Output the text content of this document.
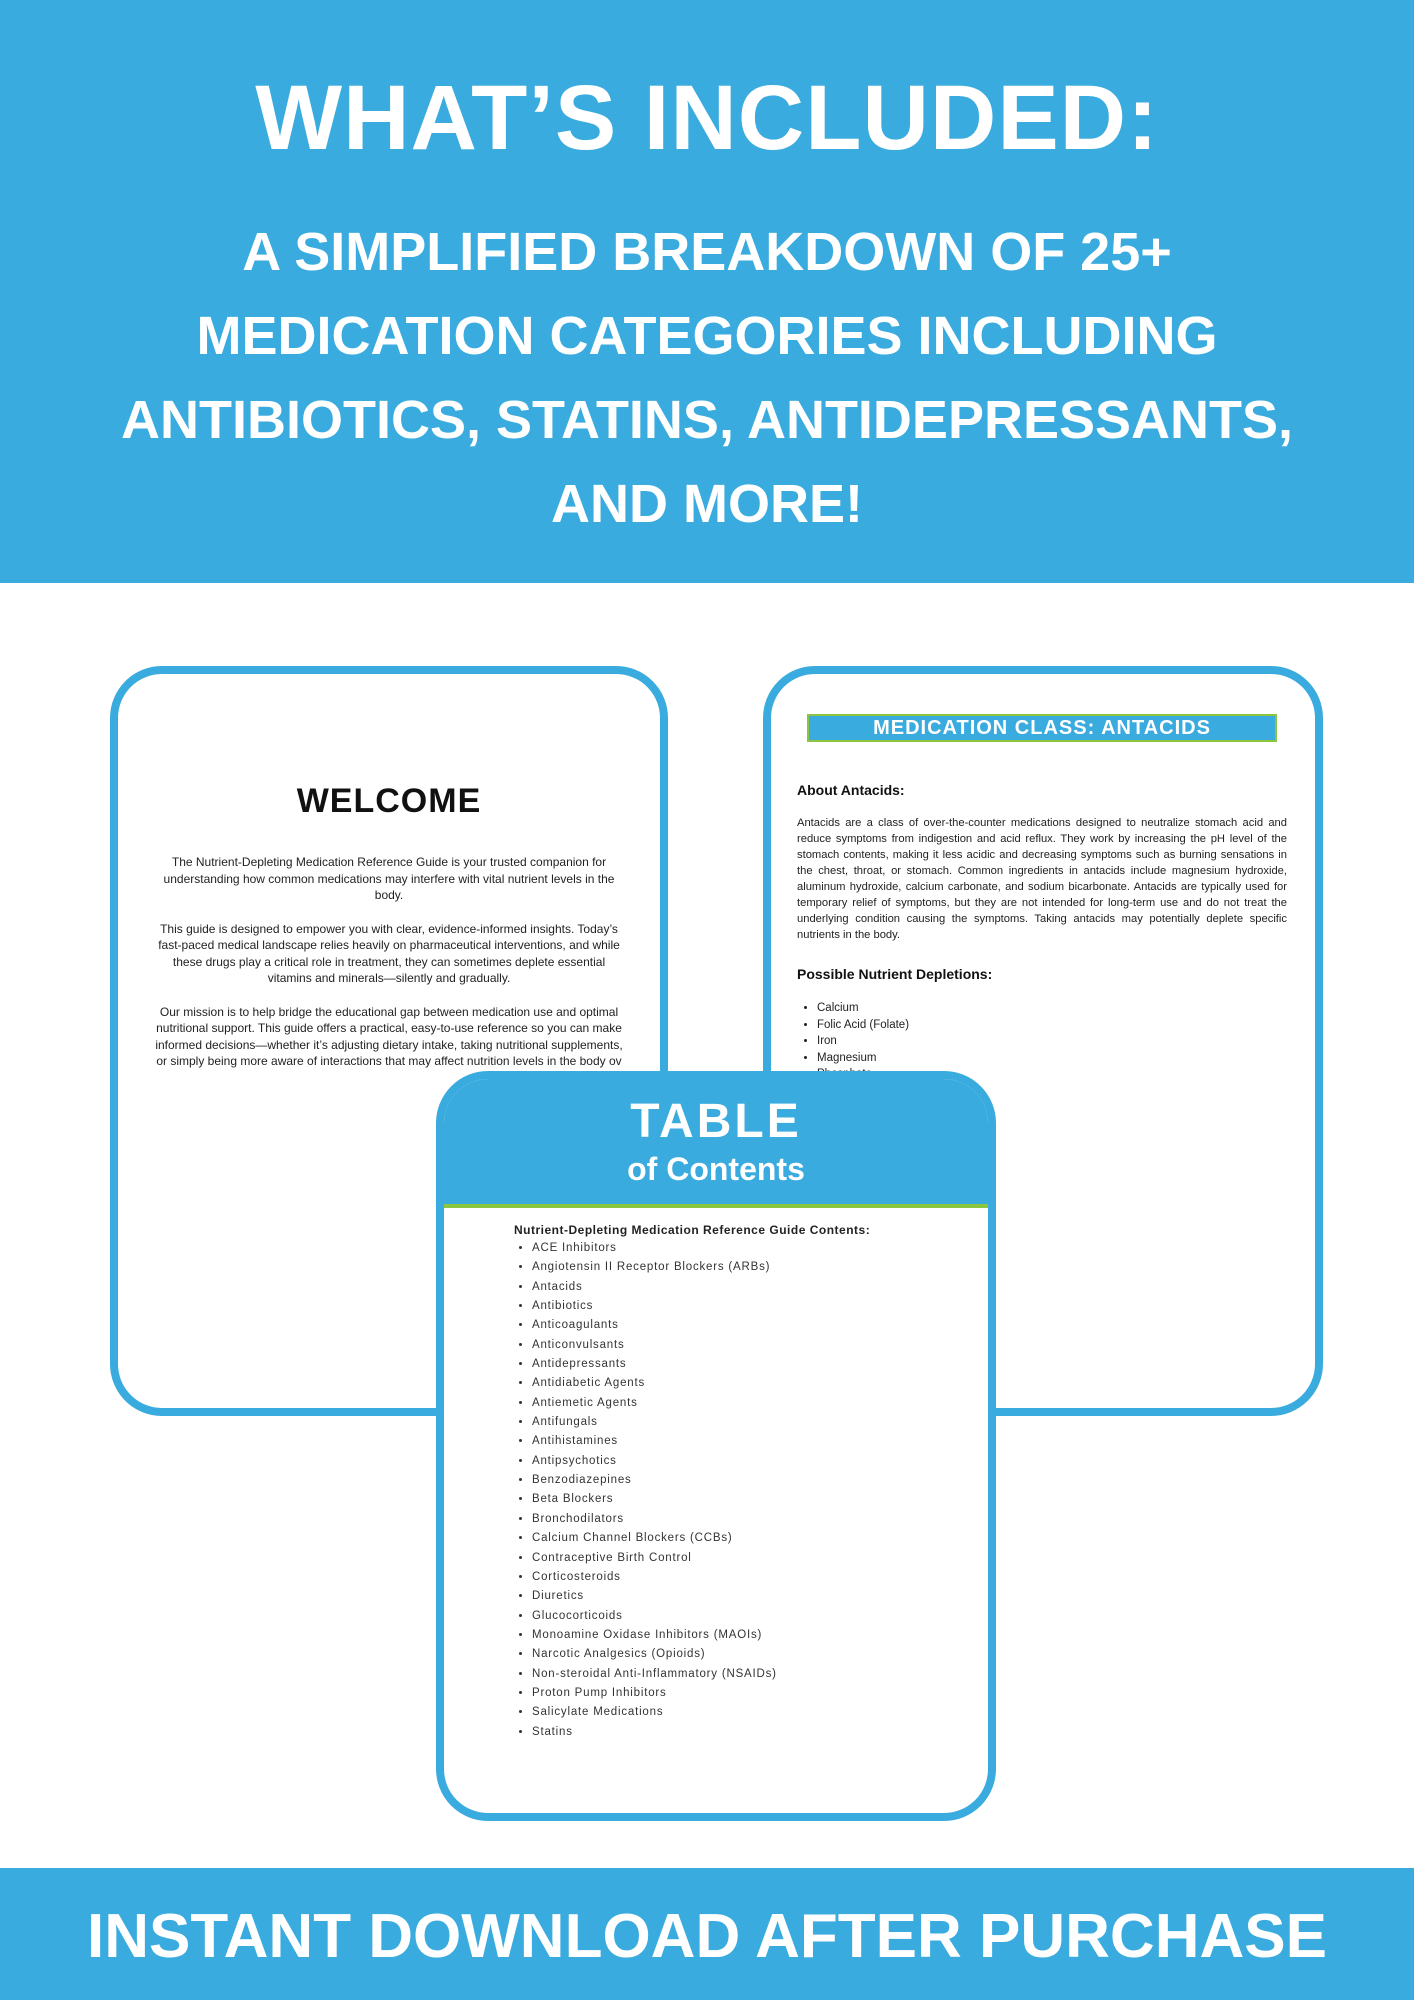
WHAT’S INCLUDED:
A SIMPLIFIED BREAKDOWN OF 25+
MEDICATION CATEGORIES INCLUDING
ANTIBIOTICS, STATINS, ANTIDEPRESSANTS,
AND MORE!
WELCOME

The Nutrient-Depleting Medication Reference Guide is your trusted companion for understanding how common medications may interfere with vital nutrient levels in the body.

This guide is designed to empower you with clear, evidence-informed insights. Today’s fast-paced medical landscape relies heavily on pharmaceutical interventions, and while these drugs play a critical role in treatment, they can sometimes deplete essential vitamins and minerals—silently and gradually.

Our mission is to help bridge the educational gap between medication use and optimal nutritional support. This guide offers a practical, easy-to-use reference so you can make informed decisions—whether it’s adjusting dietary intake, taking nutritional supplements, or simply being more aware of interactions that may affect nutrition levels in the body ov

MEDICATION CLASS: ANTACIDS
About Antacids:
Antacids are a class of over-the-counter medications designed to neutralize stomach acid and reduce symptoms from indigestion and acid reflux. They work by increasing the pH level of the stomach contents, making it less acidic and decreasing symptoms such as burning sensations in the chest, throat, or stomach. Common ingredients in antacids include magnesium hydroxide, aluminum hydroxide, calcium carbonate, and sodium bicarbonate. Antacids are typically used for temporary relief of symptoms, but they are not intended for long-term use and do not treat the underlying condition causing the symptoms. Taking antacids may potentially deplete specific nutrients in the body.
Possible Nutrient Depletions:
• Calcium
• Folic Acid (Folate)
• Iron
• Magnesium
•
TABLE
of Contents
Nutrient-Depleting Medication Reference Guide Contents:
• ACE Inhibitors
• Angiotensin II Receptor Blockers (ARBs)
• Antacids
• Antibiotics
• Anticoagulants
• Anticonvulsants
• Antidepressants
• Antidiabetic Agents
• Antiemetic Agents
• Antifungals
• Antihistamines
• Antipsychotics
• Benzodiazepines
• Beta Blockers
• Bronchodilators
• Calcium Channel Blockers (CCBs)
• Contraceptive Birth Control
• Corticosteroids
• Diuretics
• Glucocorticoids
• Monoamine Oxidase Inhibitors (MAOIs)
• Narcotic Analgesics (Opioids)
• Non-steroidal Anti-Inflammatory (NSAIDs)
• Proton Pump Inhibitors
• Salicylate Medications
• Statins
INSTANT DOWNLOAD AFTER PURCHASE
